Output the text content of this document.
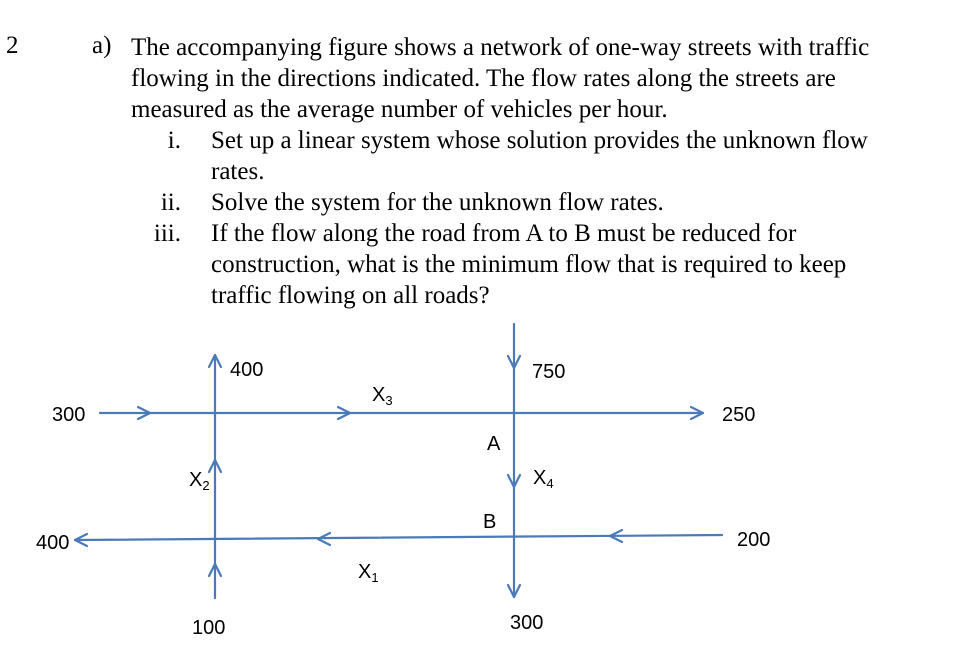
2	a) The accompanying figure shows a network of one-way streets with traffic
flowing in the directions indicated. The flow rates along the streets are
measured as the average number of vehicles per hour.
i. Set up a linear system whose solution provides the unknown flow
rates.
ii. Solve the system for the unknown flow rates.
iii. If the flow along the road from A to B must be reduced for
construction, what is the minimum flow that is required to keep
traffic flowing on all roads?
400	750
300	250
400	200
100	300
A
B
$X_3$
$X_2$	$X_4$
$X_1$
